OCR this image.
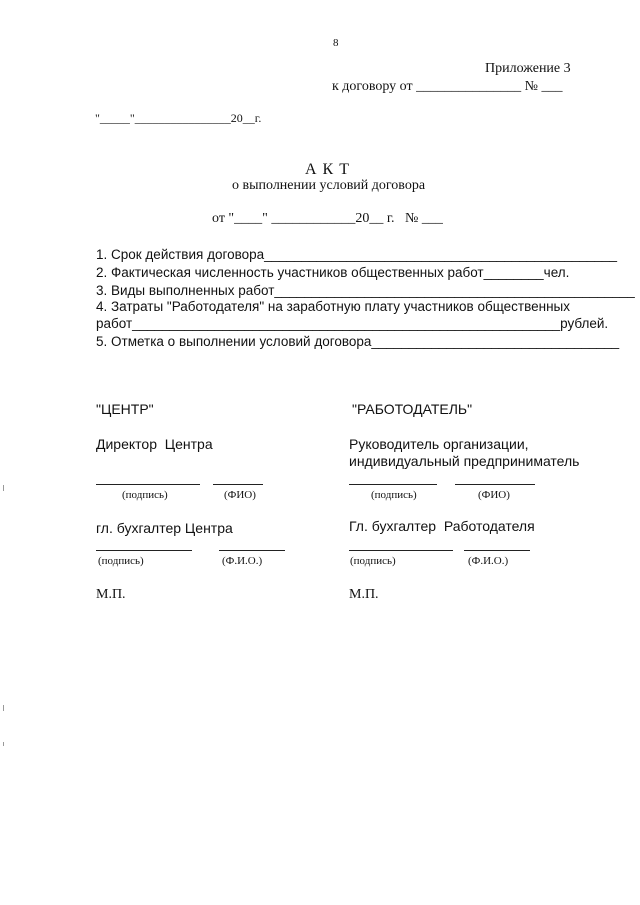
8
Приложение 3
к договору от _______________ № ___
"_____"________________20__г.
А К Т
о выполнении условий договора
от "____" ____________20__ г.   № ___
1. Срок действия договора_______________________________________________
2. Фактическая численность участников общественных работ________чел.
3. Виды выполненных работ________________________________________________
4. Затраты "Работодателя" на заработную плату участников общественных
работ_________________________________________________________рублей.
5. Отметка о выполнении условий договора_________________________________
"ЦЕНТР"
Директор  Центра
(подпись)	(ФИО)
гл. бухгалтер Центра
(подпись)	(Ф.И.О.)
М.П.
"РАБОТОДАТЕЛЬ"
Руководитель организации,
индивидуальный предприниматель
(подпись)	(ФИО)
Гл. бухгалтер  Работодателя
(подпись)	(Ф.И.О.)
М.П.
